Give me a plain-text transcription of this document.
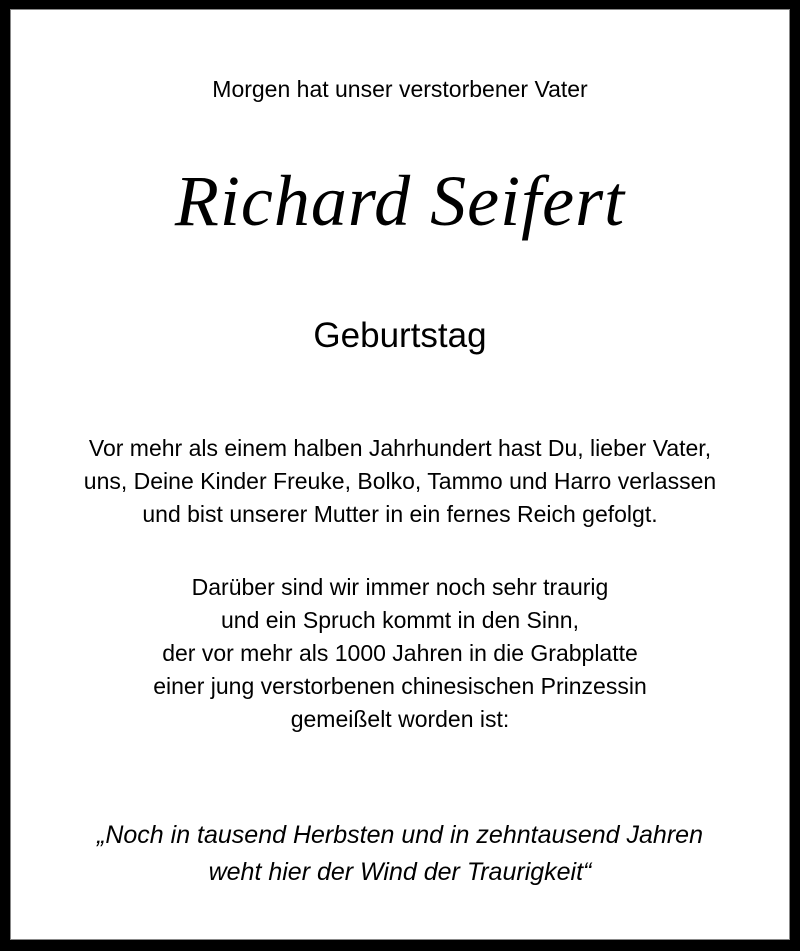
Morgen hat unser verstorbener Vater
Richard Seifert
Geburtstag
Vor mehr als einem halben Jahrhundert hast Du, lieber Vater,
uns, Deine Kinder Freuke, Bolko, Tammo und Harro verlassen
und bist unserer Mutter in ein fernes Reich gefolgt.
Darüber sind wir immer noch sehr traurig
und ein Spruch kommt in den Sinn,
der vor mehr als 1000 Jahren in die Grabplatte
einer jung verstorbenen chinesischen Prinzessin
gemeißelt worden ist:
„Noch in tausend Herbsten und in zehntausend Jahren
weht hier der Wind der Traurigkeit“
